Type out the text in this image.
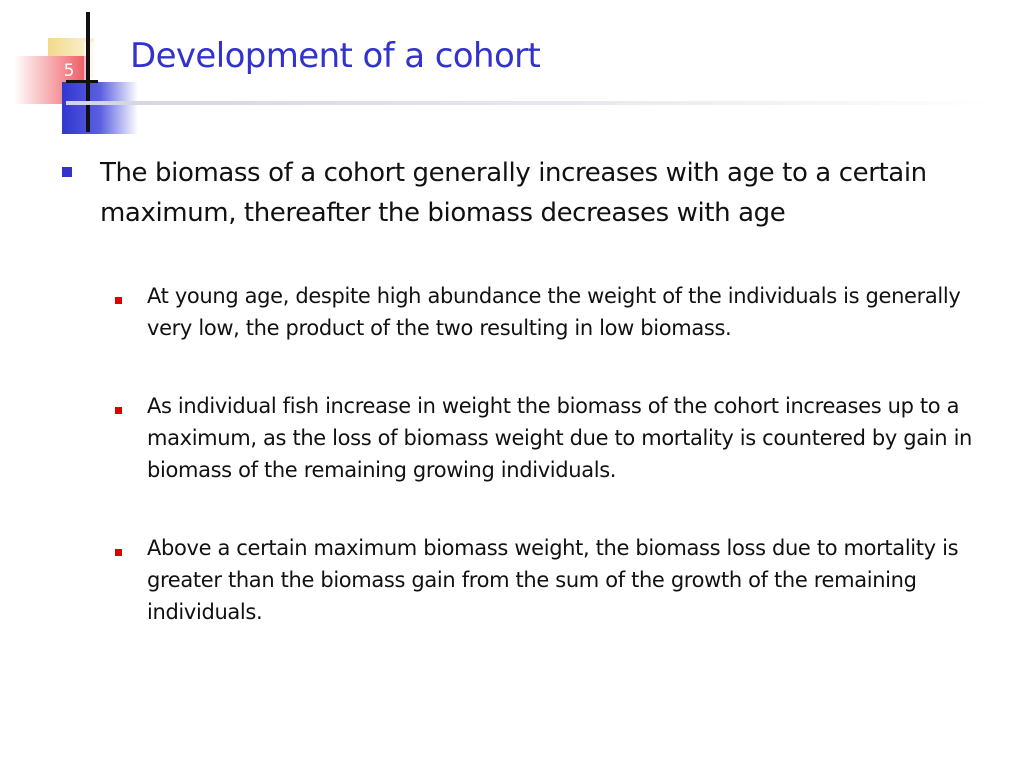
5 Development of a cohort
The biomass of a cohort generally increases with age to a certain maximum, thereafter the biomass decreases with age
At young age, despite high abundance the weight of the individuals is generally very low, the product of the two resulting in low biomass.
As individual fish increase in weight the biomass of the cohort increases up to a maximum, as the loss of biomass weight due to mortality is countered by gain in biomass of the remaining growing individuals.
Above a certain maximum biomass weight, the biomass loss due to mortality is greater than the biomass gain from the sum of the growth of the remaining individuals.
